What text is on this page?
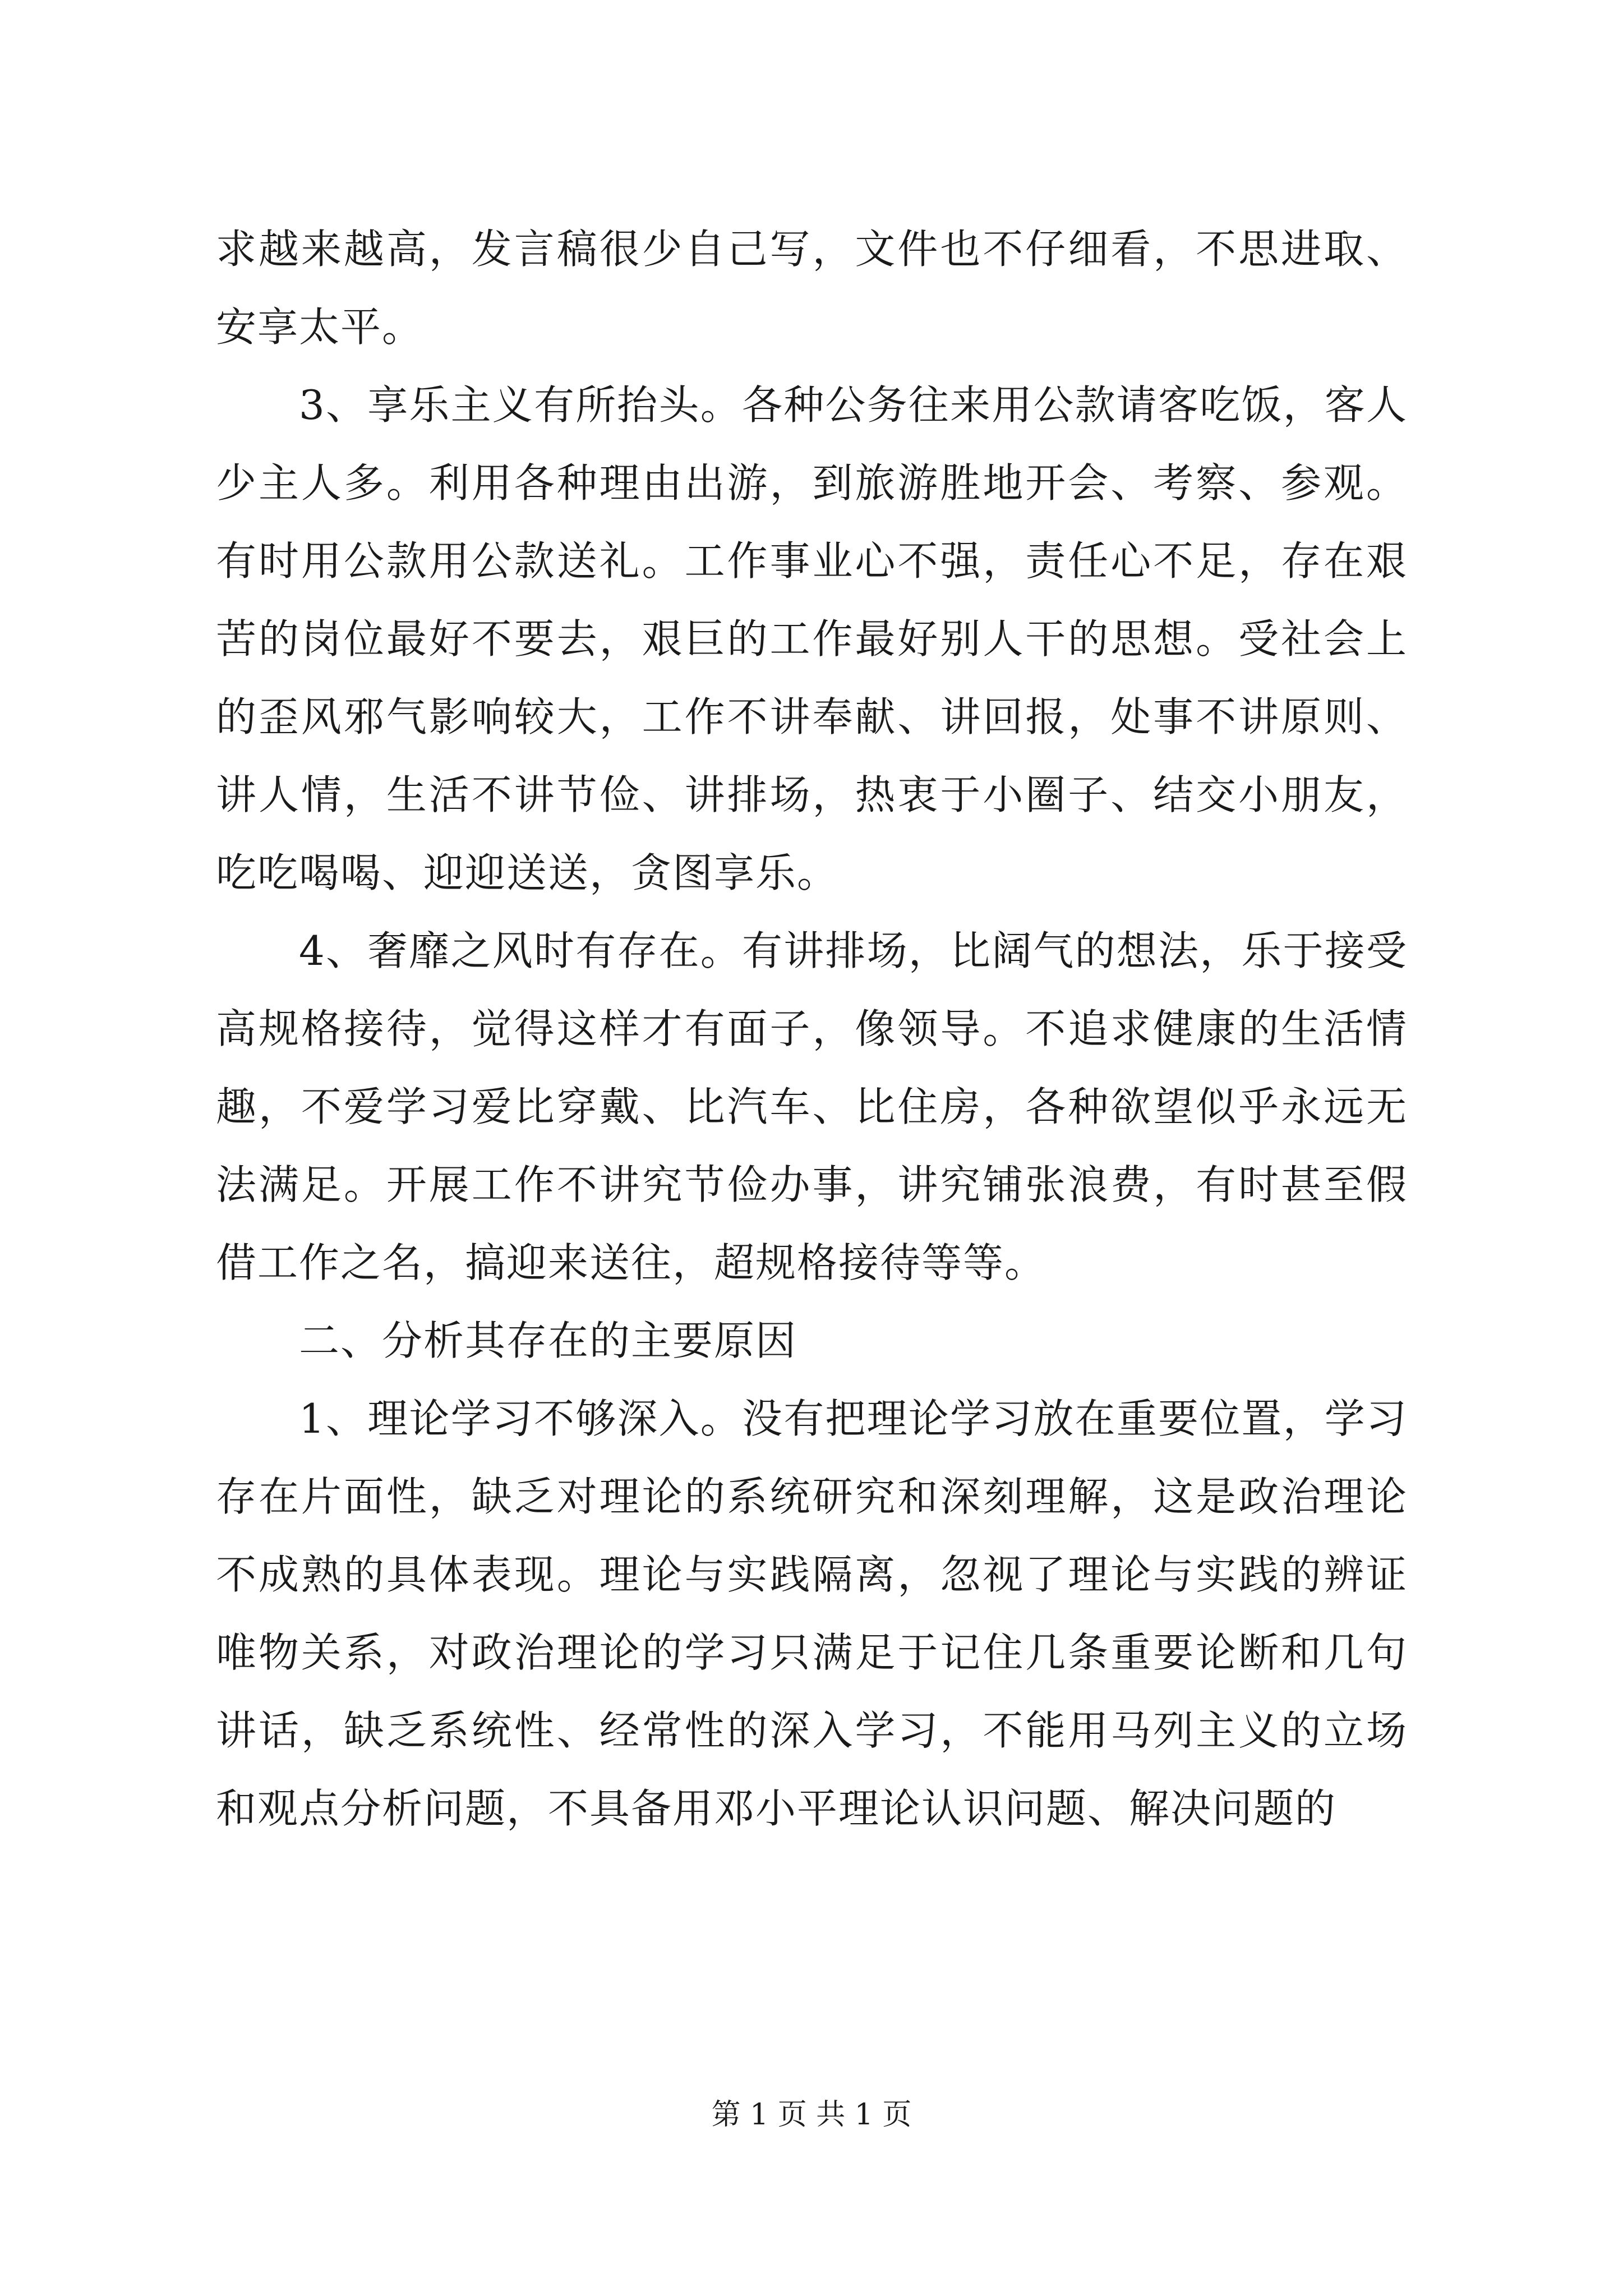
求越来越高，发言稿很少自己写，文件也不仔细看，不思进取、安享太平。

3、享乐主义有所抬头。各种公务往来用公款请客吃饭，客人少主人多。利用各种理由出游，到旅游胜地开会、考察、参观。有时用公款用公款送礼。工作事业心不强，责任心不足，存在艰苦的岗位最好不要去，艰巨的工作最好别人干的思想。受社会上的歪风邪气影响较大，工作不讲奉献、讲回报，处事不讲原则、讲人情，生活不讲节俭、讲排场，热衷于小圈子、结交小朋友，吃吃喝喝、迎迎送送，贪图享乐。

4、奢靡之风时有存在。有讲排场，比阔气的想法，乐于接受高规格接待，觉得这样才有面子，像领导。不追求健康的生活情趣，不爱学习爱比穿戴、比汽车、比住房，各种欲望似乎永远无法满足。开展工作不讲究节俭办事，讲究铺张浪费，有时甚至假借工作之名，搞迎来送往，超规格接待等等。

二、分析其存在的主要原因

1、理论学习不够深入。没有把理论学习放在重要位置，学习存在片面性，缺乏对理论的系统研究和深刻理解，这是政治理论不成熟的具体表现。理论与实践隔离，忽视了理论与实践的辨证唯物关系，对政治理论的学习只满足于记住几条重要论断和几句讲话，缺乏系统性、经常性的深入学习，不能用马列主义的立场和观点分析问题，不具备用邓小平理论认识问题、解决问题的

第 1 页 共 1 页
